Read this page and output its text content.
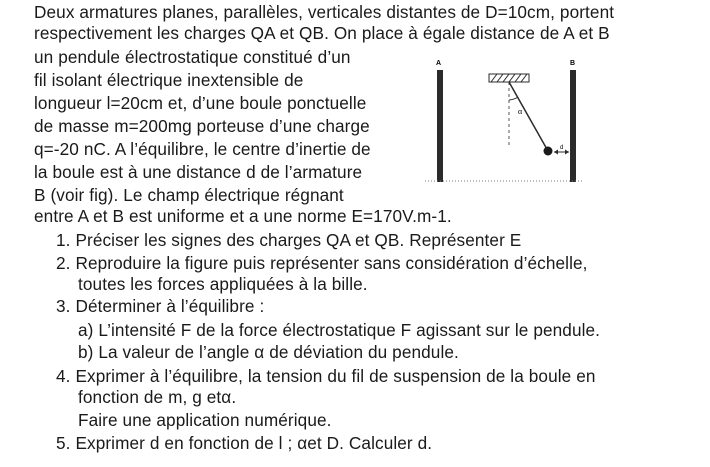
Deux armatures planes, parallèles, verticales distantes de D=10cm, portent
respectivement les charges QA et QB. On place à égale distance de A et B
un pendule électrostatique constitué d’un
fil isolant électrique inextensible de
longueur l=20cm et, d’une boule ponctuelle
de masse m=200mg porteuse d’une charge
q=-20 nC. A l’équilibre, le centre d’inertie de
la boule est à une distance d de l’armature
B (voir fig). Le champ électrique régnant
entre A et B est uniforme et a une norme E=170V.m-1.
1. Préciser les signes des charges QA et QB. Représenter E
2. Reproduire la figure puis représenter sans considération d’échelle,
toutes les forces appliquées à la bille.
3. Déterminer à l’équilibre :
a) L’intensité F de la force électrostatique F agissant sur le pendule.
b) La valeur de l’angle α de déviation du pendule.
4. Exprimer à l’équilibre, la tension du fil de suspension de la boule en
fonction de m, g etα.
Faire une application numérique.
5. Exprimer d en fonction de l ; αet D. Calculer d.
A	B
α
d
